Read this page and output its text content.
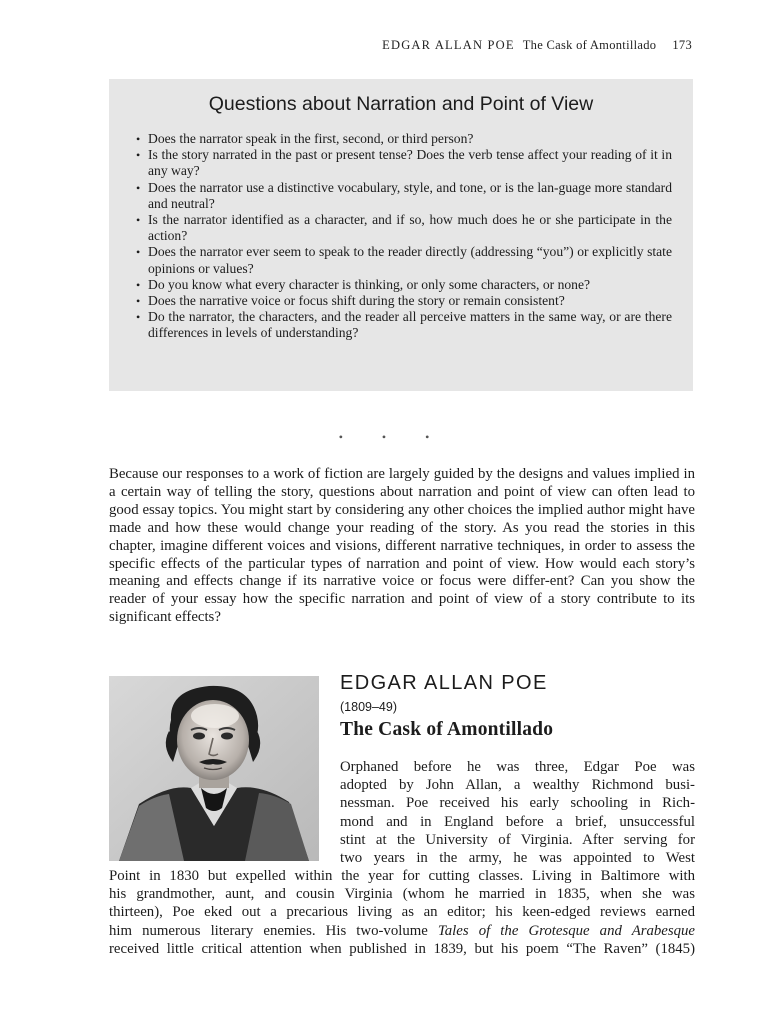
EDGAR ALLAN POE The Cask of Amontillado 173
Questions about Narration and Point of View
• Does the narrator speak in the first, second, or third person?
• Is the story narrated in the past or present tense? Does the verb tense affect your reading of it in any way?
• Does the narrator use a distinctive vocabulary, style, and tone, or is the lan-guage more standard and neutral?
• Is the narrator identified as a character, and if so, how much does he or she participate in the action?
• Does the narrator ever seem to speak to the reader directly (addressing “you”) or explicitly state opinions or values?
• Do you know what every character is thinking, or only some characters, or none?
• Does the narrative voice or focus shift during the story or remain consistent?
• Do the narrator, the characters, and the reader all perceive matters in the same way, or are there differences in levels of understanding?
• • •

Because our responses to a work of fiction are largely guided by the designs and values implied in a certain way of telling the story, questions about narration and point of view can often lead to good essay topics. You might start by considering any other choices the implied author might have made and how these would change your reading of the story. As you read the stories in this chapter, imagine different voices and visions, different narrative techniques, in order to assess the specific effects of the particular types of narration and point of view. How would each story’s meaning and effects change if its narrative voice or focus were differ-ent? Can you show the reader of your essay how the specific narration and point of view of a story contribute to its significant effects?

EDGAR ALLAN POE
(1809–49)
The Cask of Amontillado

Orphaned before he was three, Edgar Poe was
adopted by John Allan, a wealthy Richmond busi-
nessman. Poe received his early schooling in Rich-
mond and in England before a brief, unsuccessful
stint at the University of Virginia. After serving for
two years in the army, he was appointed to West

Point in 1830 but expelled within the year for cutting classes. Living in Baltimore with
his grandmother, aunt, and cousin Virginia (whom he married in 1835, when she was
thirteen), Poe eked out a precarious living as an editor; his keen-edged reviews earned
him numerous literary enemies. His two-volume Tales of the Grotesque and Arabesque
received little critical attention when published in 1839, but his poem “The Raven” (1845)
